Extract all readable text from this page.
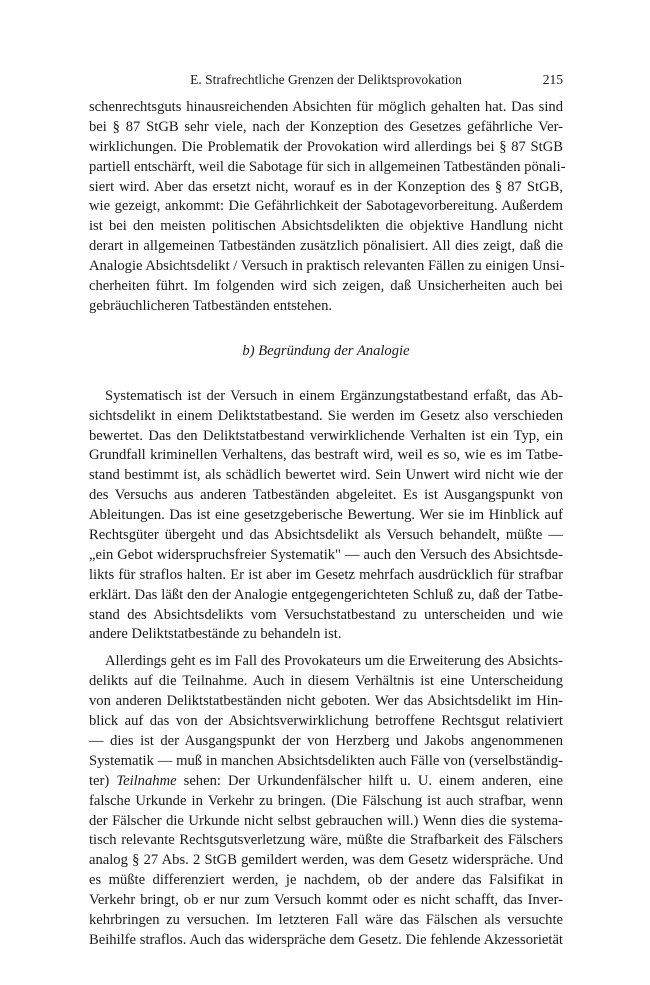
E. Strafrechtliche Grenzen der Deliktsprovokation	215
schenrechtsguts hinausreichenden Absichten für möglich gehalten hat. Das sind
bei § 87 StGB sehr viele, nach der Konzeption des Gesetzes gefährliche Ver-
wirklichungen. Die Problematik der Provokation wird allerdings bei § 87 StGB
partiell entschärft, weil die Sabotage für sich in allgemeinen Tatbeständen pönali-
siert wird. Aber das ersetzt nicht, worauf es in der Konzeption des § 87 StGB,
wie gezeigt, ankommt: Die Gefährlichkeit der Sabotagevorbereitung. Außerdem
ist bei den meisten politischen Absichtsdelikten die objektive Handlung nicht
derart in allgemeinen Tatbeständen zusätzlich pönalisiert. All dies zeigt, daß die
Analogie Absichtsdelikt / Versuch in praktisch relevanten Fällen zu einigen Unsi-
cherheiten führt. Im folgenden wird sich zeigen, daß Unsicherheiten auch bei
gebräuchlicheren Tatbeständen entstehen.
b) Begründung der Analogie
Systematisch ist der Versuch in einem Ergänzungstatbestand erfaßt, das Ab-
sichtsdelikt in einem Deliktstatbestand. Sie werden im Gesetz also verschieden
bewertet. Das den Deliktstatbestand verwirklichende Verhalten ist ein Typ, ein
Grundfall kriminellen Verhaltens, das bestraft wird, weil es so, wie es im Tatbe-
stand bestimmt ist, als schädlich bewertet wird. Sein Unwert wird nicht wie der
des Versuchs aus anderen Tatbeständen abgeleitet. Es ist Ausgangspunkt von
Ableitungen. Das ist eine gesetzgeberische Bewertung. Wer sie im Hinblick auf
Rechtsgüter übergeht und das Absichtsdelikt als Versuch behandelt, müßte —
„ein Gebot widerspruchsfreier Systematik" — auch den Versuch des Absichtsde-
likts für straflos halten. Er ist aber im Gesetz mehrfach ausdrücklich für strafbar
erklärt. Das läßt den der Analogie entgegengerichteten Schluß zu, daß der Tatbe-
stand des Absichtsdelikts vom Versuchstatbestand zu unterscheiden und wie
andere Deliktstatbestände zu behandeln ist.
Allerdings geht es im Fall des Provokateurs um die Erweiterung des Absichts-
delikts auf die Teilnahme. Auch in diesem Verhältnis ist eine Unterscheidung
von anderen Deliktstatbeständen nicht geboten. Wer das Absichtsdelikt im Hin-
blick auf das von der Absichtsverwirklichung betroffene Rechtsgut relativiert
— dies ist der Ausgangspunkt der von Herzberg und Jakobs angenommenen
Systematik — muß in manchen Absichtsdelikten auch Fälle von (verselbständig-
ter) Teilnahme sehen: Der Urkundenfälscher hilft u. U. einem anderen, eine
falsche Urkunde in Verkehr zu bringen. (Die Fälschung ist auch strafbar, wenn
der Fälscher die Urkunde nicht selbst gebrauchen will.) Wenn dies die systema-
tisch relevante Rechtsgutsverletzung wäre, müßte die Strafbarkeit des Fälschers
analog § 27 Abs. 2 StGB gemildert werden, was dem Gesetz widerspräche. Und
es müßte differenziert werden, je nachdem, ob der andere das Falsifikat in
Verkehr bringt, ob er nur zum Versuch kommt oder es nicht schafft, das Inver-
kehrbringen zu versuchen. Im letzteren Fall wäre das Fälschen als versuchte
Beihilfe straflos. Auch das widerspräche dem Gesetz. Die fehlende Akzessorietät
